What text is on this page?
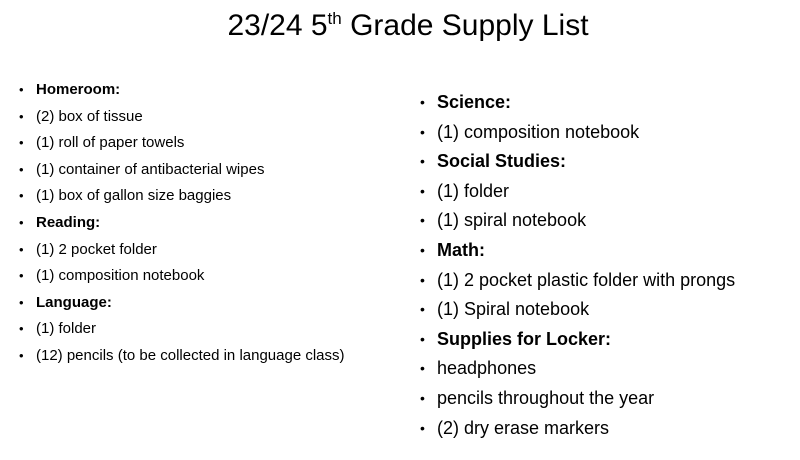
23/24 5th Grade Supply List
• Homeroom:
• (2) box of tissue
• (1) roll of paper towels
• (1) container of antibacterial wipes
• (1) box of gallon size baggies
• Reading:
• (1) 2 pocket folder
• (1) composition notebook
• Language:
• (1) folder
• (12) pencils (to be collected in language class)
• Science:
• (1) composition notebook
• Social Studies:
• (1) folder
• (1) spiral notebook
• Math:
• (1) 2 pocket plastic folder with prongs
• (1) Spiral notebook
• Supplies for Locker:
• headphones
• pencils throughout the year
• (2) dry erase markers
